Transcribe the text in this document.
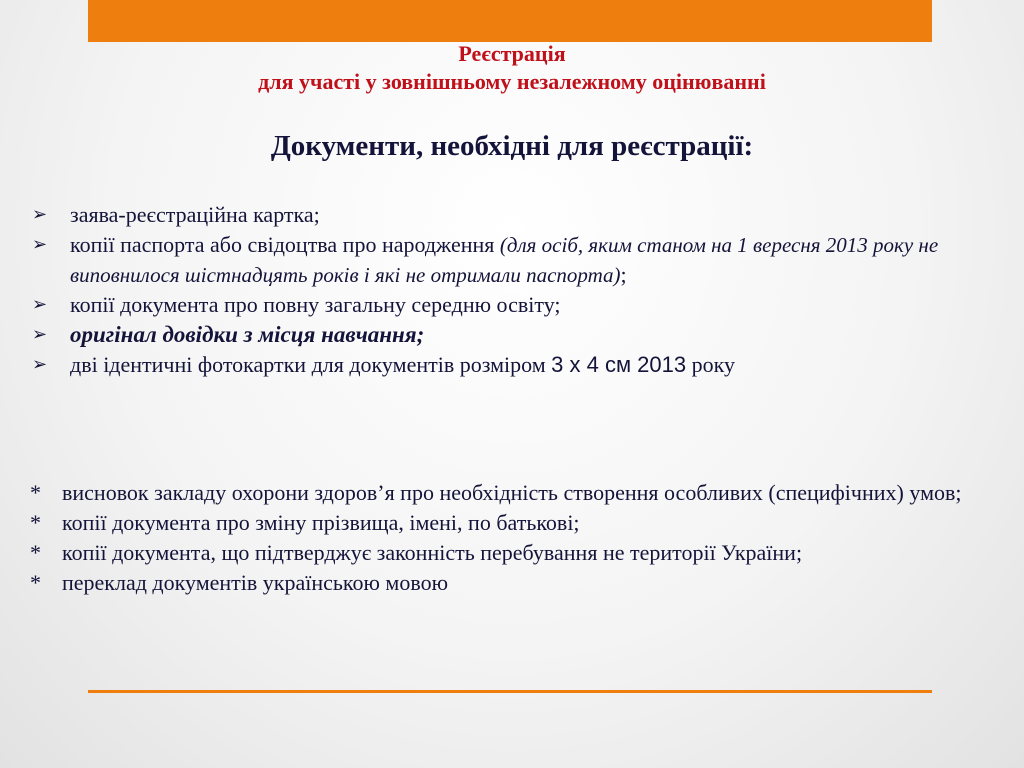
Реєстрація
для участі у зовнішньому незалежному оцінюванні
Документи, необхідні для реєстрації:
➢ заява-реєстраційна картка;
➢ копії паспорта або свідоцтва про народження (для осіб, яким станом на 1 вересня 2013 року не виповнилося шістнадцять років і які не отримали паспорта);
➢ копії документа про повну загальну середню освіту;
➢ оригінал довідки з місця навчання;
➢ дві ідентичні фотокартки для документів розміром 3 х 4 см 2013 року
* висновок закладу охорони здоров’я про необхідність створення особливих (специфічних) умов;
* копії документа про зміну прізвища, імені, по батькові;
* копії документа, що підтверджує законність перебування не території України;
* переклад документів українською мовою
